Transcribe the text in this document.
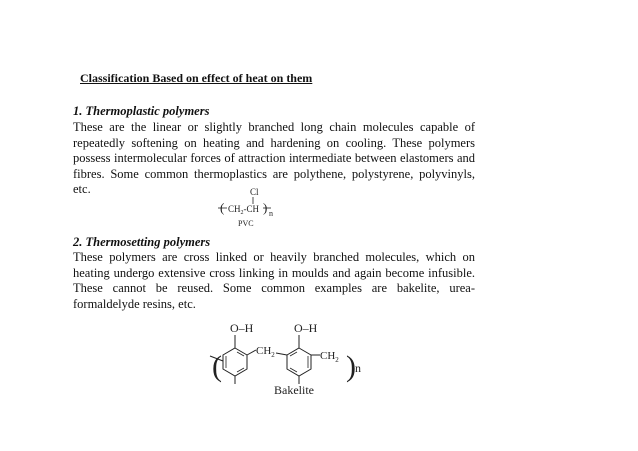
Classification Based on effect of heat on them
1. Thermoplastic polymers
These are the linear or slightly branched long chain molecules capable of repeatedly softening on heating and hardening on cooling. These polymers possess intermolecular forces of attraction intermediate between elastomers and fibres. Some common thermoplastics are polythene, polystyrene, polyvinyls, etc.	Cl
( $CH_2-CH$ ) n
PVC
2. Thermosetting polymers
These polymers are cross linked or heavily branched molecules, which on heating undergo extensive cross linking in moulds and again become infusible. These cannot be reused. Some common examples are bakelite, urea-formaldelyde resins, etc.
O–H	O–H
(	$CH_2$	$CH_2$ ) n
Bakelite
